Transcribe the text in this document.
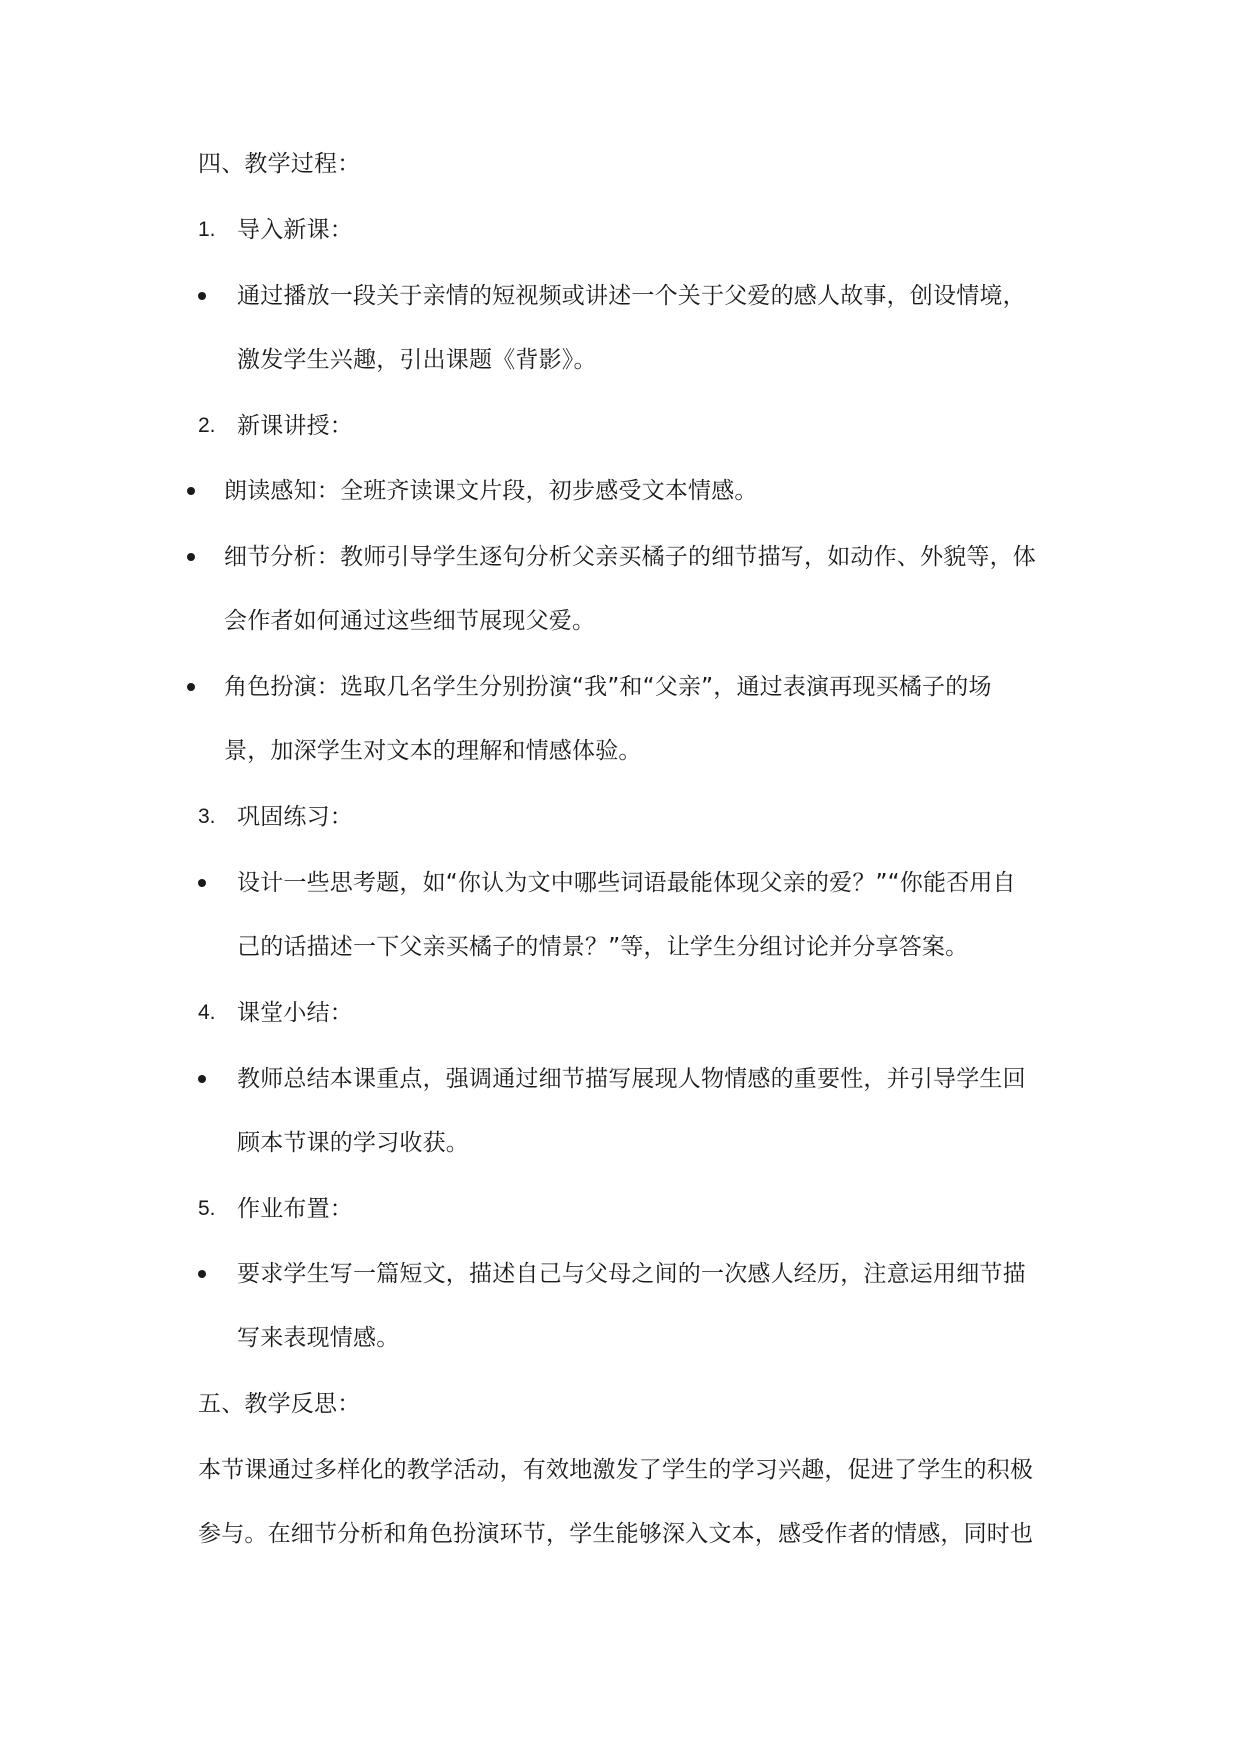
四、教学过程：
1. 导入新课：
通过播放一段关于亲情的短视频或讲述一个关于父爱的感人故事，创设情境，
激发学生兴趣，引出课题《背影》。
2. 新课讲授：
朗读感知：全班齐读课文片段，初步感受文本情感。
细节分析：教师引导学生逐句分析父亲买橘子的细节描写，如动作、外貌等，体
会作者如何通过这些细节展现父爱。
角色扮演：选取几名学生分别扮演“我”和“父亲”，通过表演再现买橘子的场
景，加深学生对文本的理解和情感体验。
3. 巩固练习：
设计一些思考题，如“你认为文中哪些词语最能体现父亲的爱？”“你能否用自
己的话描述一下父亲买橘子的情景？”等，让学生分组讨论并分享答案。
4. 课堂小结：
教师总结本课重点，强调通过细节描写展现人物情感的重要性，并引导学生回
顾本节课的学习收获。
5. 作业布置：
要求学生写一篇短文，描述自己与父母之间的一次感人经历，注意运用细节描
写来表现情感。
五、教学反思：
本节课通过多样化的教学活动，有效地激发了学生的学习兴趣，促进了学生的积极
参与。在细节分析和角色扮演环节，学生能够深入文本，感受作者的情感，同时也
